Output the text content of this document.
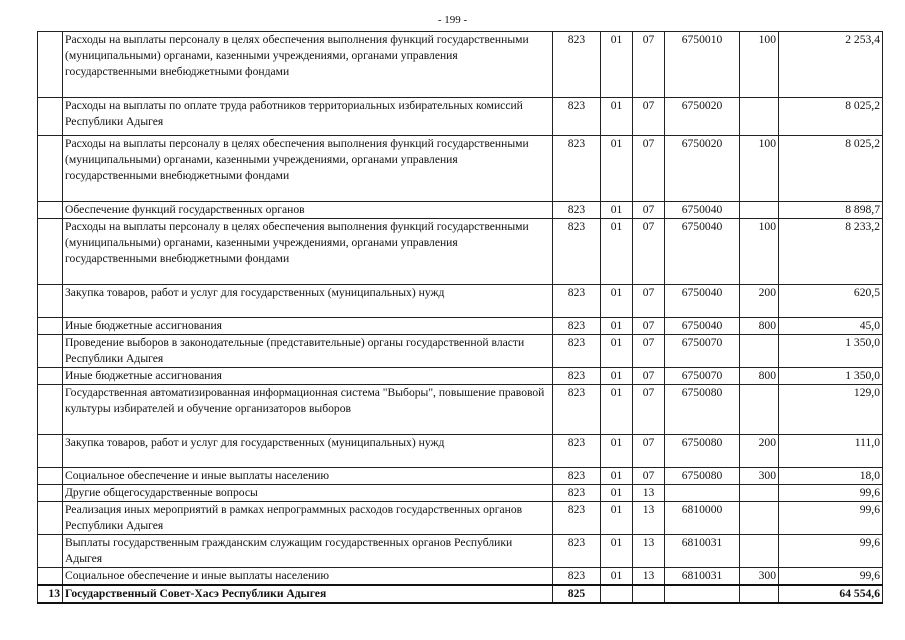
- 199 -
	Расходы на выплаты персоналу в целях обеспечения выполнения функций государственными (муниципальными) органами, казенными учреждениями, органами управления государственными внебюджетными фондами	823	01	07	6750010	100	2 253,4
	Расходы на выплаты по оплате труда работников территориальных избирательных комиссий Республики Адыгея	823	01	07	6750020		8 025,2
	Расходы на выплаты персоналу в целях обеспечения выполнения функций государственными (муниципальными) органами, казенными учреждениями, органами управления государственными внебюджетными фондами	823	01	07	6750020	100	8 025,2
	Обеспечение функций государственных органов	823	01	07	6750040		8 898,7
	Расходы на выплаты персоналу в целях обеспечения выполнения функций государственными (муниципальными) органами, казенными учреждениями, органами управления государственными внебюджетными фондами	823	01	07	6750040	100	8 233,2
	Закупка товаров, работ и услуг для государственных (муниципальных) нужд	823	01	07	6750040	200	620,5
	Иные бюджетные ассигнования	823	01	07	6750040	800	45,0
	Проведение выборов в законодательные (представительные) органы государственной власти Республики Адыгея	823	01	07	6750070		1 350,0
	Иные бюджетные ассигнования	823	01	07	6750070	800	1 350,0
	Государственная автоматизированная информационная система "Выборы", повышение правовой культуры избирателей и обучение организаторов выборов	823	01	07	6750080		129,0
	Закупка товаров, работ и услуг для государственных (муниципальных) нужд	823	01	07	6750080	200	111,0
	Социальное обеспечение и иные выплаты населению	823	01	07	6750080	300	18,0
	Другие общегосударственные вопросы	823	01	13			99,6
	Реализация иных мероприятий в рамках непрограммных расходов государственных органов Республики Адыгея	823	01	13	6810000		99,6
	Выплаты государственным гражданским служащим государственных органов Республики Адыгея	823	01	13	6810031		99,6
	Социальное обеспечение и иные выплаты населению	823	01	13	6810031	300	99,6
13	Государственный Совет-Хасэ Республики Адыгея	825					64 554,6
